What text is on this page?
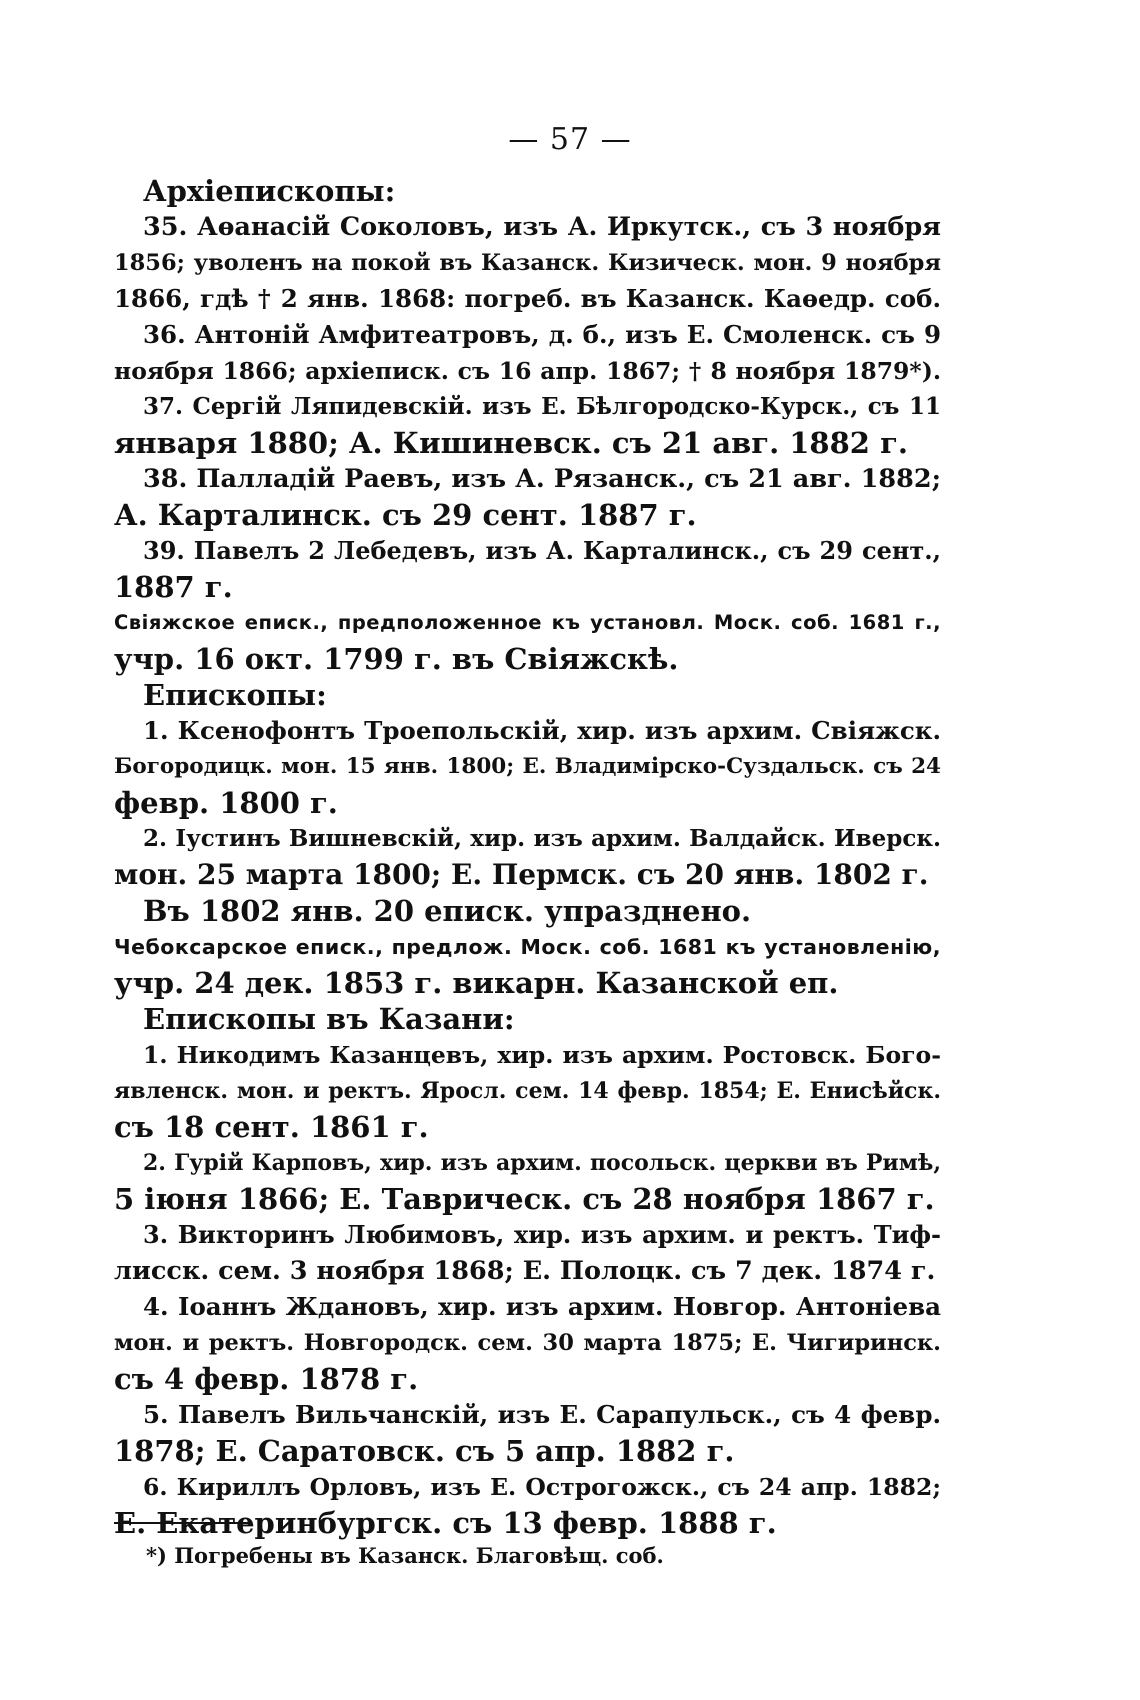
— 57 —
Архіепископы:
35. Аѳанасій Соколовъ, изъ А. Иркутск., съ 3 ноября
1856; уволенъ на покой въ Казанск. Кизическ. мон. 9 ноября
1866, гдѣ † 2 янв. 1868: погреб. въ Казанск. Каѳедр. соб.
36. Антоній Амфитеатровъ, д. б., изъ Е. Смоленск. съ 9
ноября 1866; архіеписк. съ 16 апр. 1867; † 8 ноября 1879*).
37. Сергій Ляпидевскій. изъ Е. Бѣлгородско-Курск., съ 11
января 1880; А. Кишиневск. съ 21 авг. 1882 г.
38. Палладій Раевъ, изъ А. Рязанск., съ 21 авг. 1882;
А. Карталинск. съ 29 сент. 1887 г.
39. Павелъ 2 Лебедевъ, изъ А. Карталинск., съ 29 сент.,
1887 г.
Свіяжское еписк., предположенное къ установл. Моск. соб. 1681 г.,
учр. 16 окт. 1799 г. въ Свіяжскѣ.
Епископы:
1. Ксенофонтъ Троепольскій, хир. изъ архим. Свіяжск.
Богородицк. мон. 15 янв. 1800; Е. Владимірско-Суздальск. съ 24
февр. 1800 г.
2. Іустинъ Вишневскій, хир. изъ архим. Валдайск. Иверск.
мон. 25 марта 1800; Е. Пермск. съ 20 янв. 1802 г.
Въ 1802 янв. 20 еписк. упразднено.
Чебоксарское еписк., предлож. Моск. соб. 1681 къ установленію,
учр. 24 дек. 1853 г. викарн. Казанской еп.
Епископы въ Казани:
1. Никодимъ Казанцевъ, хир. изъ архим. Ростовск. Бого-
явленск. мон. и ректъ. Яросл. сем. 14 февр. 1854; Е. Енисѣйск.
съ 18 сент. 1861 г.
2. Гурій Карповъ, хир. изъ архим. посольск. церкви въ Римѣ,
5 іюня 1866; Е. Таврическ. съ 28 ноября 1867 г.
3. Викторинъ Любимовъ, хир. изъ архим. и ректъ. Тиф-
лисск. сем. 3 ноября 1868; Е. Полоцк. съ 7 дек. 1874 г.
4. Іоаннъ Ждановъ, хир. изъ архим. Новгор. Антоніева
мон. и ректъ. Новгородск. сем. 30 марта 1875; Е. Чигиринск.
съ 4 февр. 1878 г.
5. Павелъ Вильчанскій, изъ Е. Сарапульск., съ 4 февр.
1878; Е. Саратовск. съ 5 апр. 1882 г.
6. Кириллъ Орловъ, изъ Е. Острогожск., съ 24 апр. 1882;
Е. Екатеринбургск. съ 13 февр. 1888 г.
*) Погребены въ Казанск. Благовѣщ. соб.
